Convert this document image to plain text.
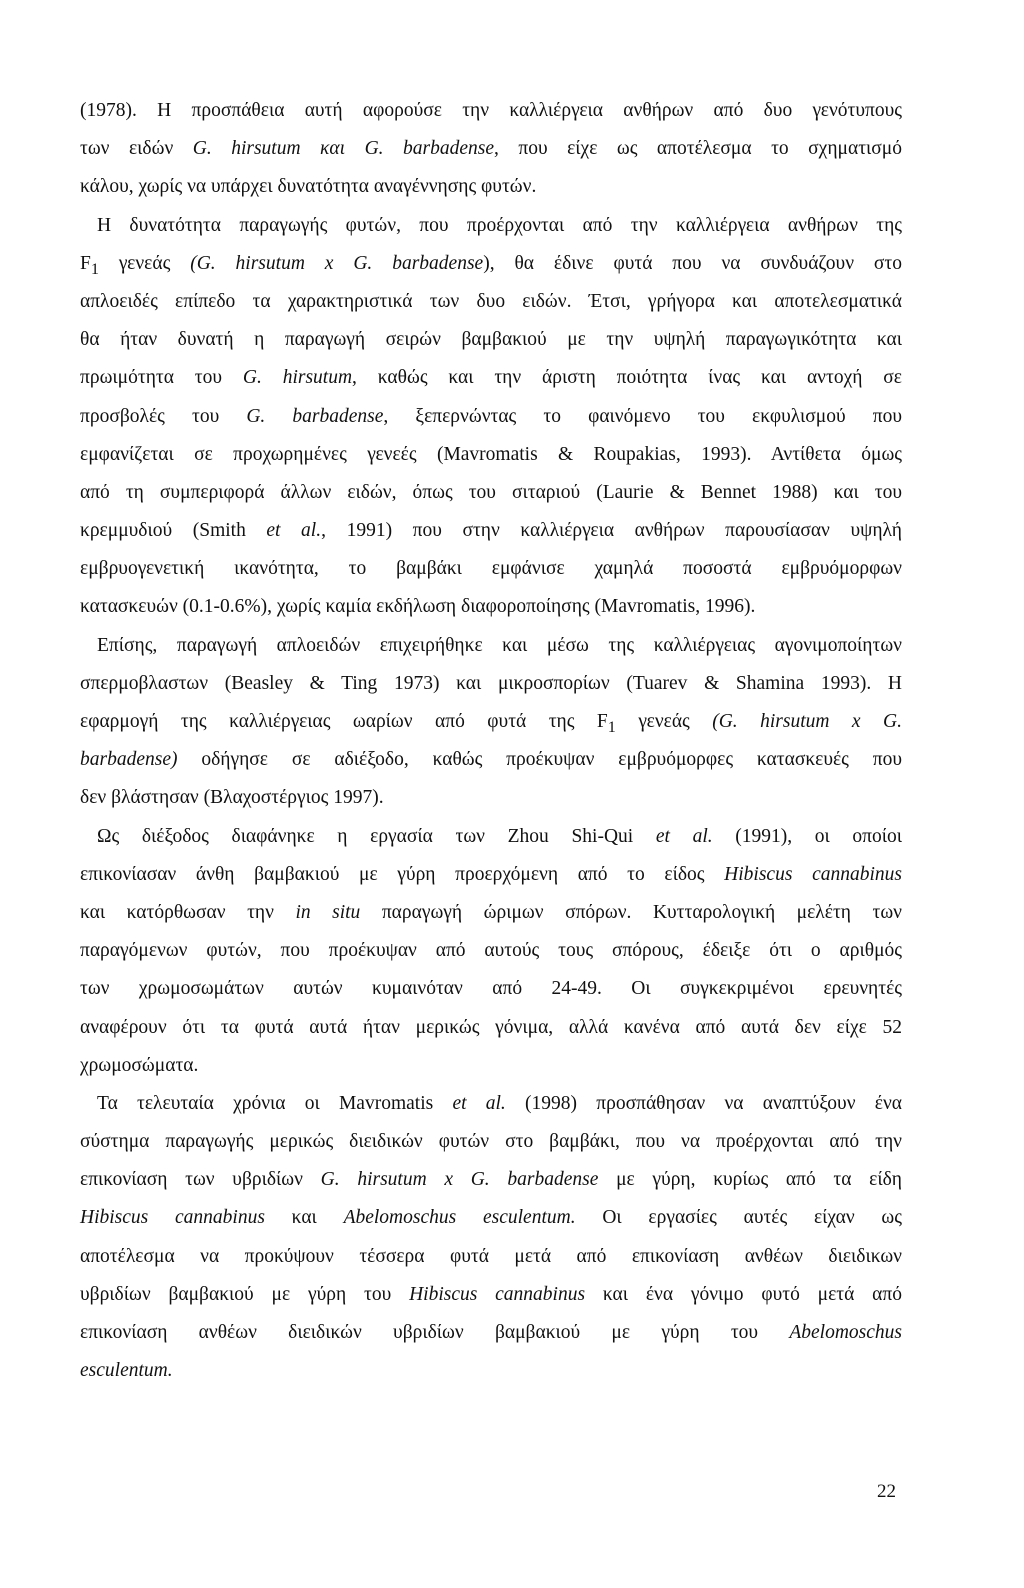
(1978). Η προσπάθεια αυτή αφορούσε την καλλιέργεια ανθήρων από δυο γενότυπους
των ειδών G. hirsutum και G. barbadense, που είχε ως αποτέλεσμα το σχηματισμό
κάλου, χωρίς να υπάρχει δυνατότητα αναγέννησης φυτών.
Η δυνατότητα παραγωγής φυτών, που προέρχονται από την καλλιέργεια ανθήρων της
$F_1$ γενεάς (G. hirsutum x G. barbadense), θα έδινε φυτά που να συνδυάζουν στο
απλοειδές επίπεδο τα χαρακτηριστικά των δυο ειδών. Έτσι, γρήγορα και αποτελεσματικά
θα ήταν δυνατή η παραγωγή σειρών βαμβακιού με την υψηλή παραγωγικότητα και
πρωιμότητα του G. hirsutum, καθώς και την άριστη ποιότητα ίνας και αντοχή σε
προσβολές του G. barbadense, ξεπερνώντας το φαινόμενο του εκφυλισμού που
εμφανίζεται σε προχωρημένες γενεές (Mavromatis & Roupakias, 1993). Αντίθετα όμως
από τη συμπεριφορά άλλων ειδών, όπως του σιταριού (Laurie & Bennet 1988) και του
κρεμμυδιού (Smith et al., 1991) που στην καλλιέργεια ανθήρων παρουσίασαν υψηλή
εμβρυογενετική ικανότητα, το βαμβάκι εμφάνισε χαμηλά ποσοστά εμβρυόμορφων
κατασκευών (0.1-0.6%), χωρίς καμία εκδήλωση διαφοροποίησης (Mavromatis, 1996).
Επίσης, παραγωγή απλοειδών επιχειρήθηκε και μέσω της καλλιέργειας αγονιμοποίητων
σπερμοβλαστων (Beasley & Ting 1973) και μικροσπορίων (Tuarev & Shamina 1993). Η
εφαρμογή της καλλιέργειας ωαρίων από φυτά της $F_1$ γενεάς (G. hirsutum x G.
barbadense) οδήγησε σε αδιέξοδο, καθώς προέκυψαν εμβρυόμορφες κατασκευές που
δεν βλάστησαν (Βλαχοστέργιος 1997).
Ως διέξοδος διαφάνηκε η εργασία των Zhou Shi-Qui et al. (1991), οι οποίοι
επικονίασαν άνθη βαμβακιού με γύρη προερχόμενη από το είδος Hibiscus cannabinus
και κατόρθωσαν την in situ παραγωγή ώριμων σπόρων. Κυτταρολογική μελέτη των
παραγόμενων φυτών, που προέκυψαν από αυτούς τους σπόρους, έδειξε ότι ο αριθμός
των χρωμοσωμάτων αυτών κυμαινόταν από 24-49. Οι συγκεκριμένοι ερευνητές
αναφέρουν ότι τα φυτά αυτά ήταν μερικώς γόνιμα, αλλά κανένα από αυτά δεν είχε 52
χρωμοσώματα.
Τα τελευταία χρόνια οι Mavromatis et al. (1998) προσπάθησαν να αναπτύξουν ένα
σύστημα παραγωγής μερικώς διειδικών φυτών στο βαμβάκι, που να προέρχονται από την
επικονίαση των υβριδίων G. hirsutum x G. barbadense με γύρη, κυρίως από τα είδη
Hibiscus cannabinus και Abelomoschus esculentum. Οι εργασίες αυτές είχαν ως
αποτέλεσμα να προκύψουν τέσσερα φυτά μετά από επικονίαση ανθέων διειδικων
υβριδίων βαμβακιού με γύρη του Hibiscus cannabinus και ένα γόνιμο φυτό μετά από
επικονίαση ανθέων διειδικών υβριδίων βαμβακιού με γύρη του Abelomoschus
esculentum.
22
